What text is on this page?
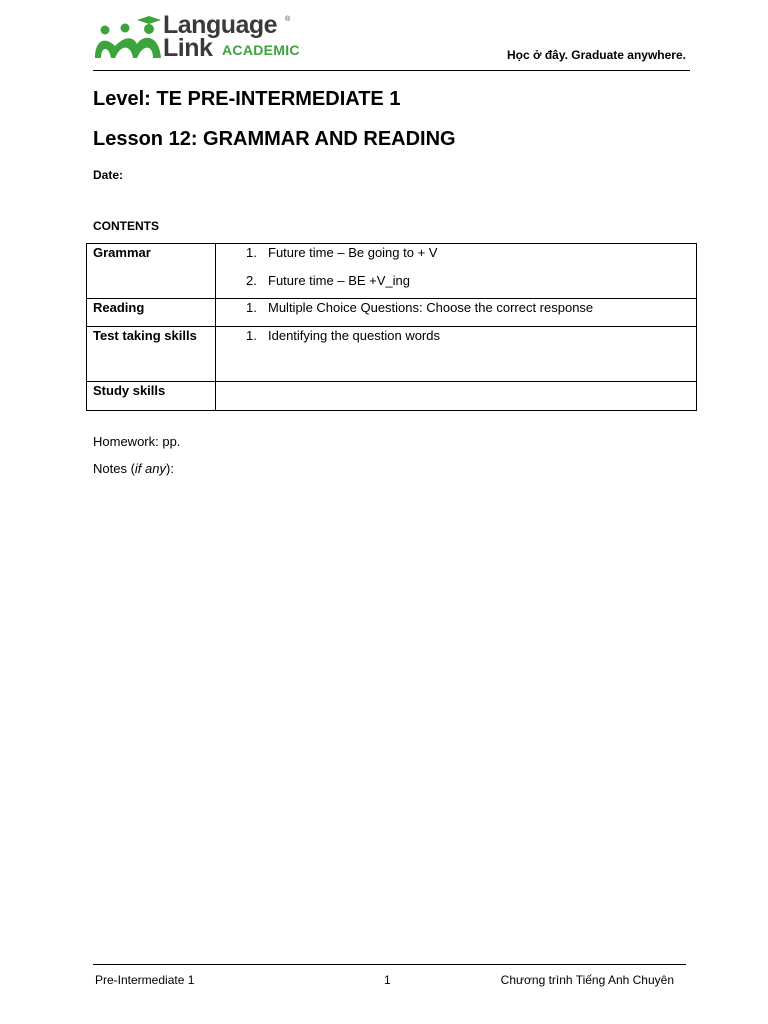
Language ®
Link ACADEMIC	Học ở đây. Graduate anywhere.
Level: TE PRE-INTERMEDIATE 1
Lesson 12: GRAMMAR AND READING
Date:
CONTENTS
Grammar	1. Future time – Be going to + V
2. Future time – BE +V_ing

Reading	1. Multiple Choice Questions: Choose the correct response

Test taking skills	1. Identifying the question words

Study skills	
Homework: pp.
Notes (if any):
Pre-Intermediate 1	1	Chương trình Tiếng Anh Chuyên
